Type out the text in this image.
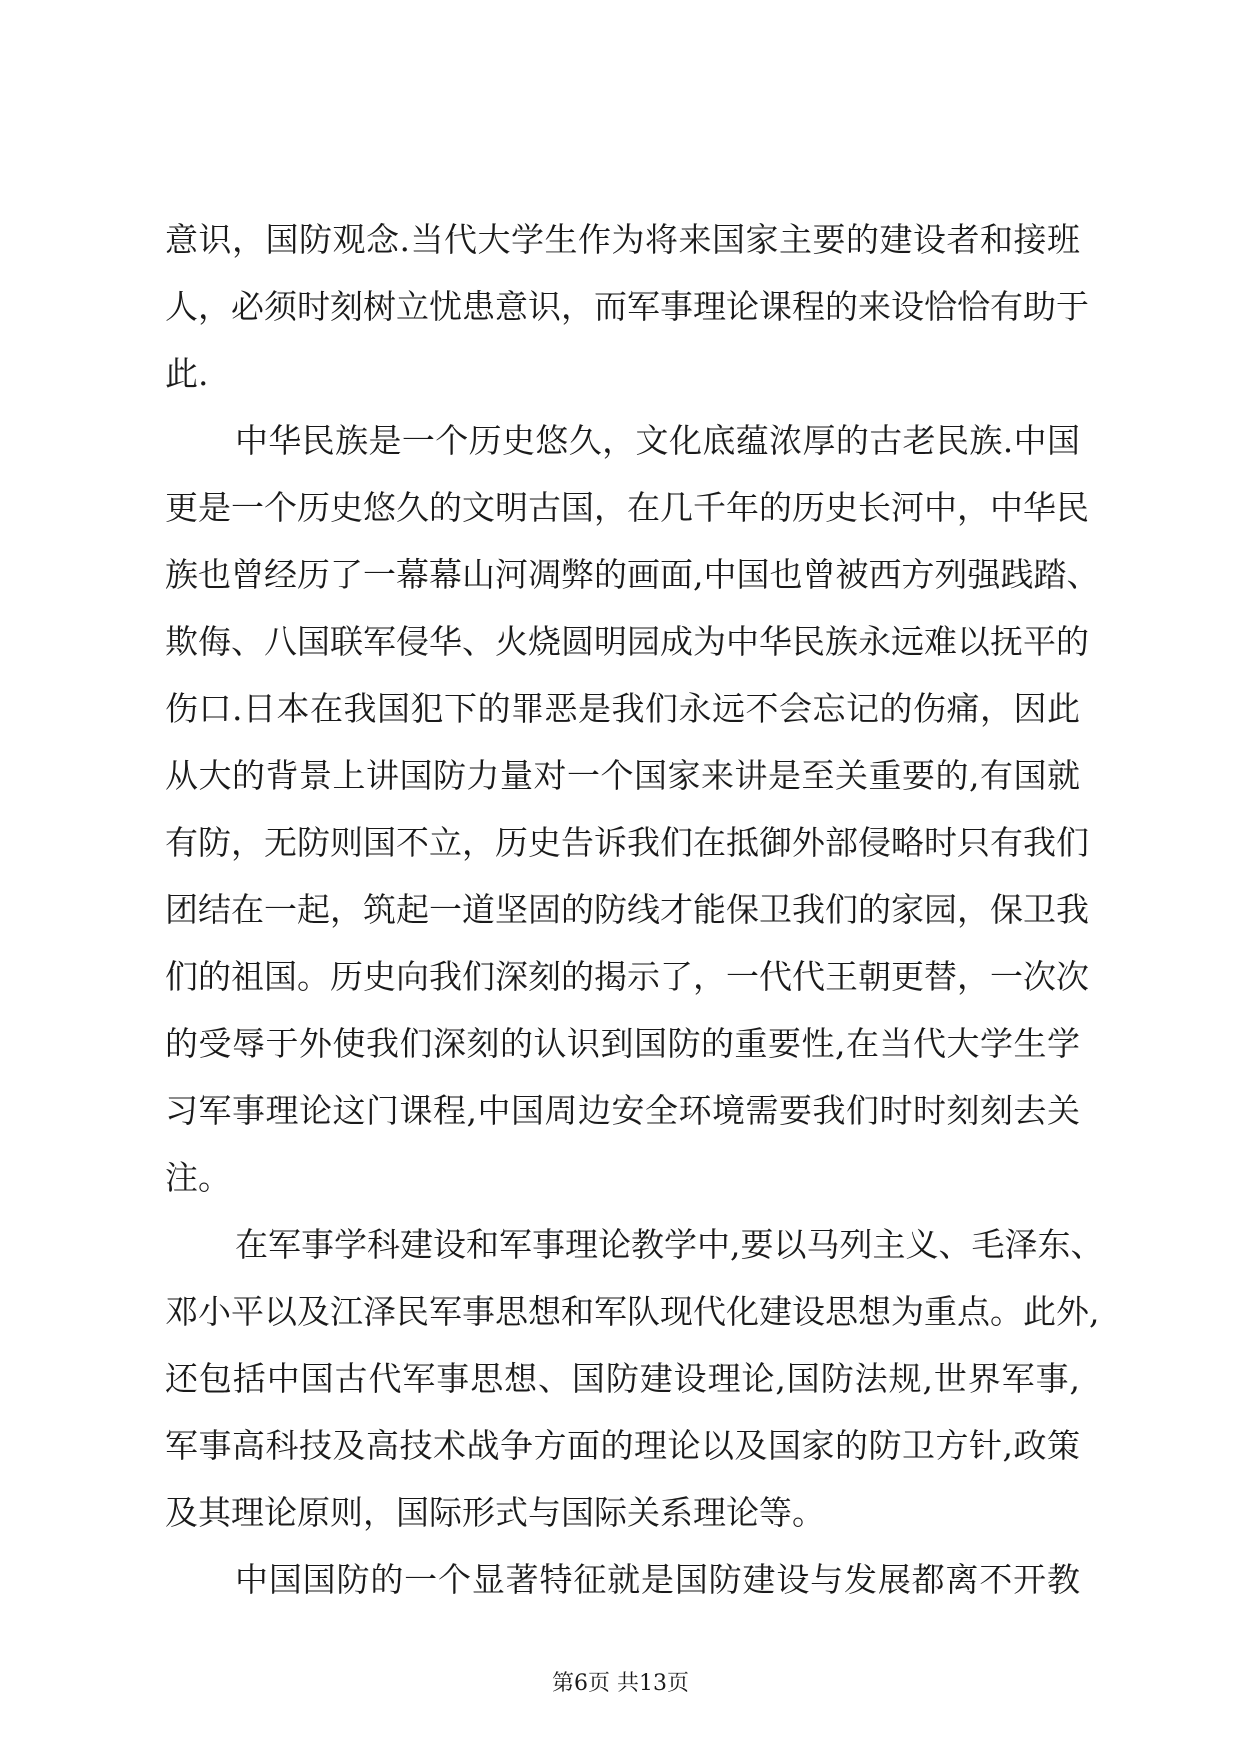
意识，国防观念.当代大学生作为将来国家主要的建设者和接班
人，必须时刻树立忧患意识，而军事理论课程的来设恰恰有助于
此.
中华民族是一个历史悠久，文化底蕴浓厚的古老民族.中国
更是一个历史悠久的文明古国，在几千年的历史长河中，中华民
族也曾经历了一幕幕山河凋弊的画面,中国也曾被西方列强践踏、
欺侮、八国联军侵华、火烧圆明园成为中华民族永远难以抚平的
伤口.日本在我国犯下的罪恶是我们永远不会忘记的伤痛，因此
从大的背景上讲国防力量对一个国家来讲是至关重要的,有国就
有防，无防则国不立，历史告诉我们在抵御外部侵略时只有我们
团结在一起，筑起一道坚固的防线才能保卫我们的家园，保卫我
们的祖国。历史向我们深刻的揭示了，一代代王朝更替，一次次
的受辱于外使我们深刻的认识到国防的重要性,在当代大学生学
习军事理论这门课程,中国周边安全环境需要我们时时刻刻去关
注。
在军事学科建设和军事理论教学中,要以马列主义、毛泽东、
邓小平以及江泽民军事思想和军队现代化建设思想为重点。此外,
还包括中国古代军事思想、国防建设理论,国防法规,世界军事,
军事高科技及高技术战争方面的理论以及国家的防卫方针,政策
及其理论原则，国际形式与国际关系理论等。
中国国防的一个显著特征就是国防建设与发展都离不开教
第6页 共13页
